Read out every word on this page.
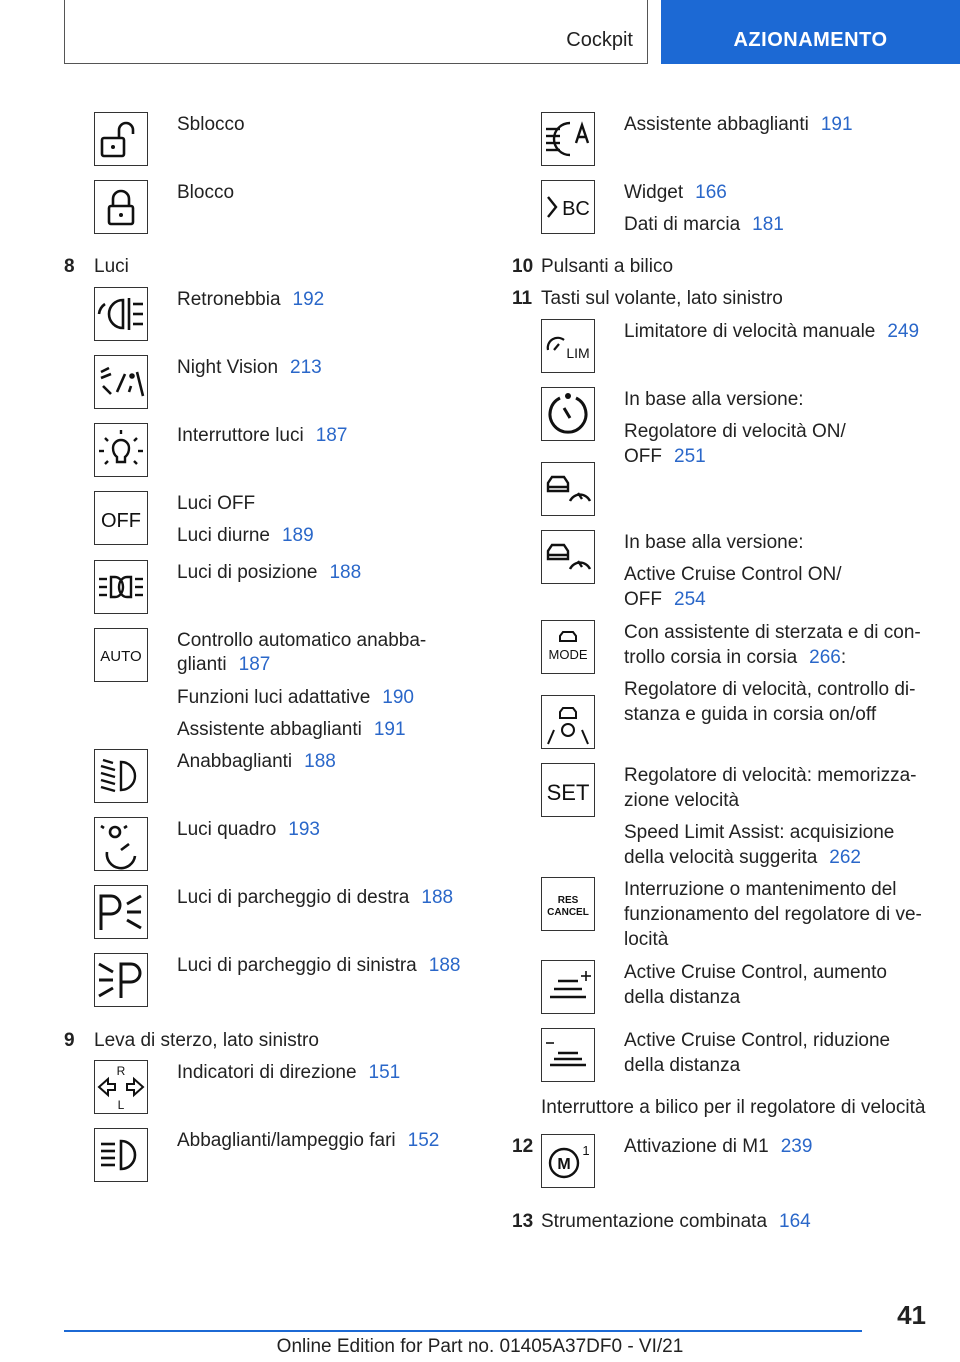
Cockpit	AZIONAMENTO
Sblocco
Blocco
8 Luci
Retronebbia 192
Night Vision 213
Interruttore luci 187
OFF
Luci OFF
Luci diurne 189
Luci di posizione 188
AUTO
Controllo automatico anabba-
glianti 187
Funzioni luci adattative 190
Assistente abbaglianti 191
Anabbaglianti 188
Luci quadro 193
Luci di parcheggio di destra 188
Luci di parcheggio di sinistra 188
9 Leva di sterzo, lato sinistro
R
L
Indicatori di direzione 151
Abbaglianti/lampeggio fari 152
Assistente abbaglianti 191
BC
Widget 166
Dati di marcia 181
10 Pulsanti a bilico
11 Tasti sul volante, lato sinistro
LIM
Limitatore di velocità manuale 249
In base alla versione:
Regolatore di velocità ON/
OFF 251
In base alla versione:
Active Cruise Control ON/
OFF 254
MODE
Con assistente di sterzata e di con-
trollo corsia in corsia 266:
Regolatore di velocità, controllo di-
stanza e guida in corsia on/off
SET
Regolatore di velocità: memorizza-
zione velocità
Speed Limit Assist: acquisizione
della velocità suggerita 262
RES
CANCEL
Interruzione o mantenimento del
funzionamento del regolatore di ve-
locità
Active Cruise Control, aumento
della distanza
Active Cruise Control, riduzione
della distanza
Interruttore a bilico per il regolatore di velocità
12
M
1 Attivazione di M1 239
13 Strumentazione combinata 164
41
Online Edition for Part no. 01405A37DF0 - VI/21
